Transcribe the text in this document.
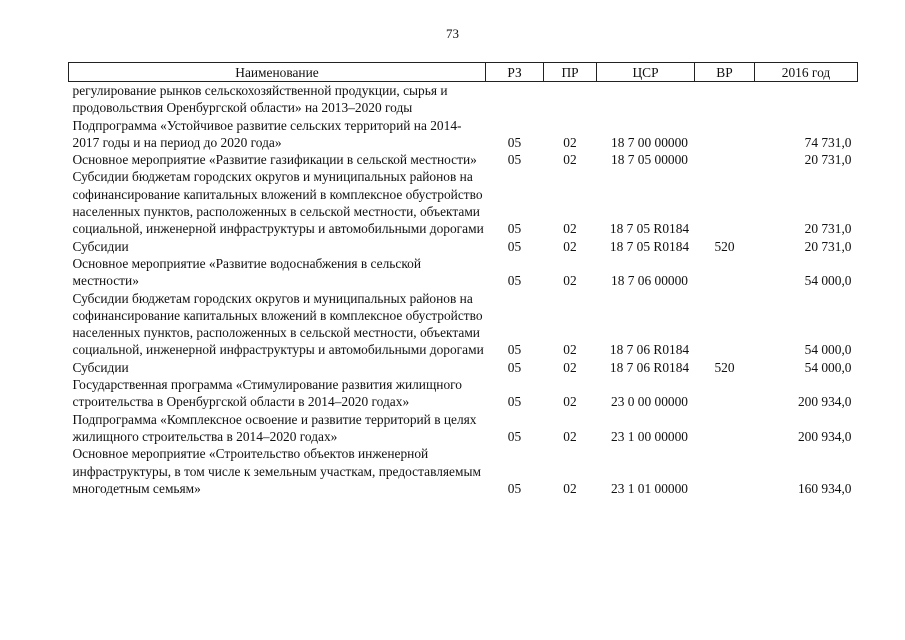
73
Наименование	РЗ	ПР	ЦСР	ВР	2016 год
регулирование рынков сельскохозяйственной продукции, сырья и продовольствия Оренбургской области» на 2013–2020 годы					
Подпрограмма «Устойчивое развитие сельских территорий на 2014-2017 годы и на период до 2020 года»	05	02	18 7 00 00000		74 731,0
Основное мероприятие «Развитие газификации в сельской местности»	05	02	18 7 05 00000		20 731,0
Субсидии бюджетам городских округов и муниципальных районов на софинансирование капитальных вложений в комплексное обустройство населенных пунктов, расположенных в сельской местности, объектами социальной, инженерной инфраструктуры и автомобильными дорогами	05	02	18 7 05 R0184		20 731,0
Субсидии	05	02	18 7 05 R0184	520	20 731,0
Основное мероприятие «Развитие водоснабжения в сельской местности»	05	02	18 7 06 00000		54 000,0
Субсидии бюджетам городских округов и муниципальных районов на софинансирование капитальных вложений в комплексное обустройство населенных пунктов, расположенных в сельской местности, объектами социальной, инженерной инфраструктуры и автомобильными дорогами	05	02	18 7 06 R0184		54 000,0
Субсидии	05	02	18 7 06 R0184	520	54 000,0
Государственная программа «Стимулирование развития жилищного строительства в Оренбургской области в 2014–2020 годах»	05	02	23 0 00 00000		200 934,0
Подпрограмма «Комплексное освоение и развитие территорий в целях жилищного строительства в 2014–2020 годах»	05	02	23 1 00 00000		200 934,0
Основное мероприятие «Строительство объектов инженерной инфраструктуры, в том числе к земельным участкам, предоставляемым многодетным семьям»	05	02	23 1 01 00000		160 934,0
